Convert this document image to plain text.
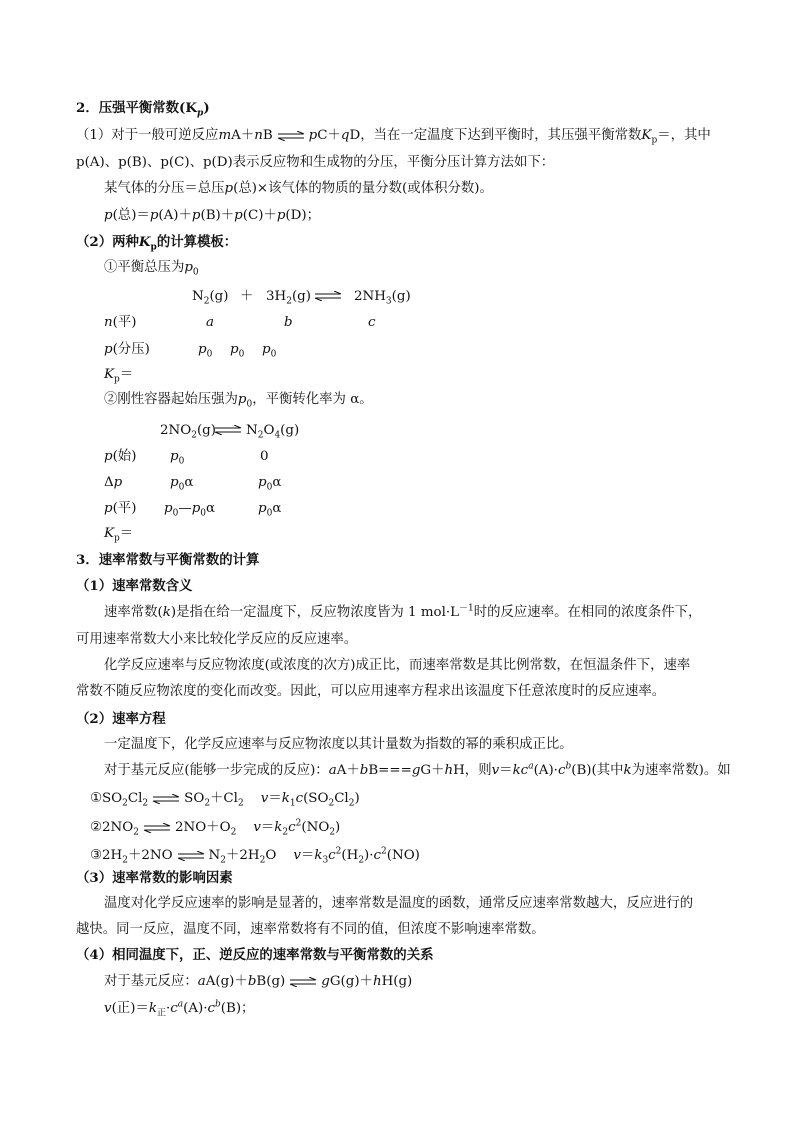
2．压强平衡常数$(K_p)$
（1）对于一般可逆反应mA＋nB	pC＋qD，当在一定温度下达到平衡时，其压强平衡常数$K_p=$，其中
p(A)、p(B)、p(C)、p(D)表示反应物和生成物的分压，平衡分压计算方法如下：
某气体的分压＝总压p(总)×该气体的物质的量分数(或体积分数)。
p(总)＝p(A)＋p(B)＋p(C)＋p(D)；
（2）两种$K_p$的计算模板：
①平衡总压为$p_0$
$N_2(g) + 3H_2(g)$	$2NH_3(g)$
n(平)	a	b	c
p(分压)	$p_0$ $p_0$ $p_0$
$K_p=$
②刚性容器起始压强为$p_0$，平衡转化率为 α。
$2NO_2(g)$ $N_2O_4(g)$
p(始)	$p_0$	0
Δp	$p_0\alpha$	$p_0\alpha$
p(平) $p_0—p_0\alpha$	$p_0\alpha$
$K_p=$
3．速率常数与平衡常数的计算
（1）速率常数含义
速率常数(k)是指在给一定温度下，反应物浓度皆为 1 $mol\cdot L^{-1}$时的反应速率。在相同的浓度条件下，
可用速率常数大小来比较化学反应的反应速率。
化学反应速率与反应物浓度(或浓度的次方)成正比，而速率常数是其比例常数，在恒温条件下，速率
常数不随反应物浓度的变化而改变。因此，可以应用速率方程求出该温度下任意浓度时的反应速率。
（2）速率方程
一定温度下，化学反应速率与反应物浓度以其计量数为指数的幂的乘积成正比。
对于基元反应(能够一步完成的反应)：aA＋bB===gG＋hH，则$v=kc^a(A)\cdot c^b(B)$(其中k为速率常数)。如
$①SO_2Cl_2$	$SO_2+Cl_2$ $v=k_1c(SO_2Cl_2)$
$②2NO_2$	$2NO+O_2$ $v=k_2c^2(NO_2)$
$③2H_2+2NO$	$N_2+2H_2O$ $v=k_3c^2(H_2)\cdot c^2(NO)$
（3）速率常数的影响因素
温度对化学反应速率的影响是显著的，速率常数是温度的函数，通常反应速率常数越大，反应进行的
越快。同一反应，温度不同，速率常数将有不同的值，但浓度不影响速率常数。
（4）相同温度下，正、逆反应的速率常数与平衡常数的关系
对于基元反应：aA(g)＋bB(g)	gG(g)＋hH(g)
v(正)$=k_正\cdot c^a(A)\cdot c^b(B)$；
